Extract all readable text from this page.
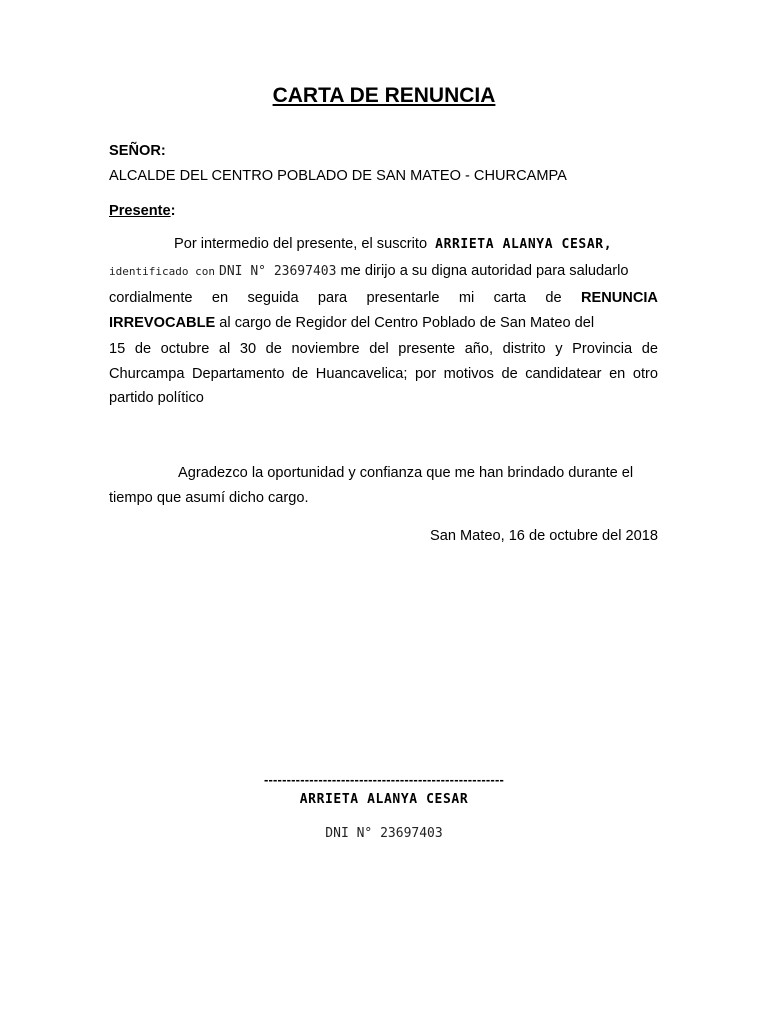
CARTA DE RENUNCIA
SEÑOR:
ALCALDE DEL CENTRO POBLADO DE SAN MATEO - CHURCAMPA
Presente:
Por intermedio del presente, el suscrito ARRIETA ALANYA CESAR,
identificado con DNI N° 23697403 me dirijo a su digna autoridad para saludarlo
cordialmente en seguida para presentarle mi carta de RENUNCIA
IRREVOCABLE al cargo de Regidor del Centro Poblado de San Mateo del
15 de octubre al 30 de noviembre del presente año, distrito y Provincia de
Churcampa Departamento de Huancavelica; por motivos de candidatear en otro
partido político
Agradezco la oportunidad y confianza que me han brindado durante el
tiempo que asumí dicho cargo.
San Mateo, 16 de octubre del 2018
-----------------------------------------------------
ARRIETA ALANYA CESAR
DNI N° 23697403
